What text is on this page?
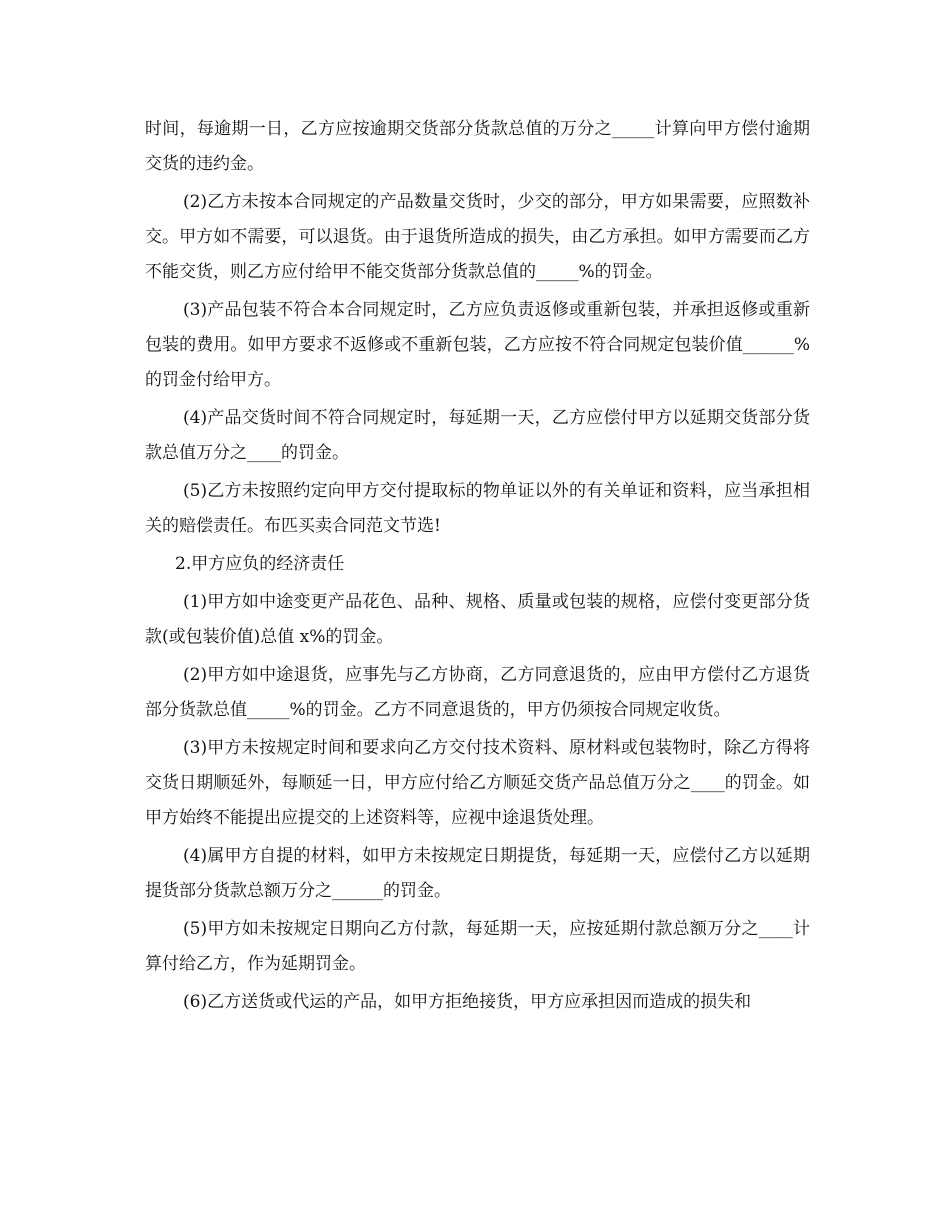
时间，每逾期一日，乙方应按逾期交货部分货款总值的万分之_____计算向甲方偿付逾期交货的违约金。

(2)乙方未按本合同规定的产品数量交货时，少交的部分，甲方如果需要，应照数补交。甲方如不需要，可以退货。由于退货所造成的损失，由乙方承担。如甲方需要而乙方不能交货，则乙方应付给甲不能交货部分货款总值的_____%的罚金。

(3)产品包装不符合本合同规定时，乙方应负责返修或重新包装，并承担返修或重新包装的费用。如甲方要求不返修或不重新包装，乙方应按不符合同规定包装价值______%的罚金付给甲方。

(4)产品交货时间不符合同规定时，每延期一天，乙方应偿付甲方以延期交货部分货款总值万分之____的罚金。

(5)乙方未按照约定向甲方交付提取标的物单证以外的有关单证和资料，应当承担相关的赔偿责任。布匹买卖合同范文节选!

2.甲方应负的经济责任

(1)甲方如中途变更产品花色、品种、规格、质量或包装的规格，应偿付变更部分货款(或包装价值)总值 x%的罚金。

(2)甲方如中途退货，应事先与乙方协商，乙方同意退货的，应由甲方偿付乙方退货部分货款总值_____%的罚金。乙方不同意退货的，甲方仍须按合同规定收货。

(3)甲方未按规定时间和要求向乙方交付技术资料、原材料或包装物时，除乙方得将交货日期顺延外，每顺延一日，甲方应付给乙方顺延交货产品总值万分之____的罚金。如甲方始终不能提出应提交的上述资料等，应视中途退货处理。

(4)属甲方自提的材料，如甲方未按规定日期提货，每延期一天，应偿付乙方以延期提货部分货款总额万分之______的罚金。

(5)甲方如未按规定日期向乙方付款，每延期一天，应按延期付款总额万分之____计算付给乙方，作为延期罚金。

(6)乙方送货或代运的产品，如甲方拒绝接货，甲方应承担因而造成的损失和
